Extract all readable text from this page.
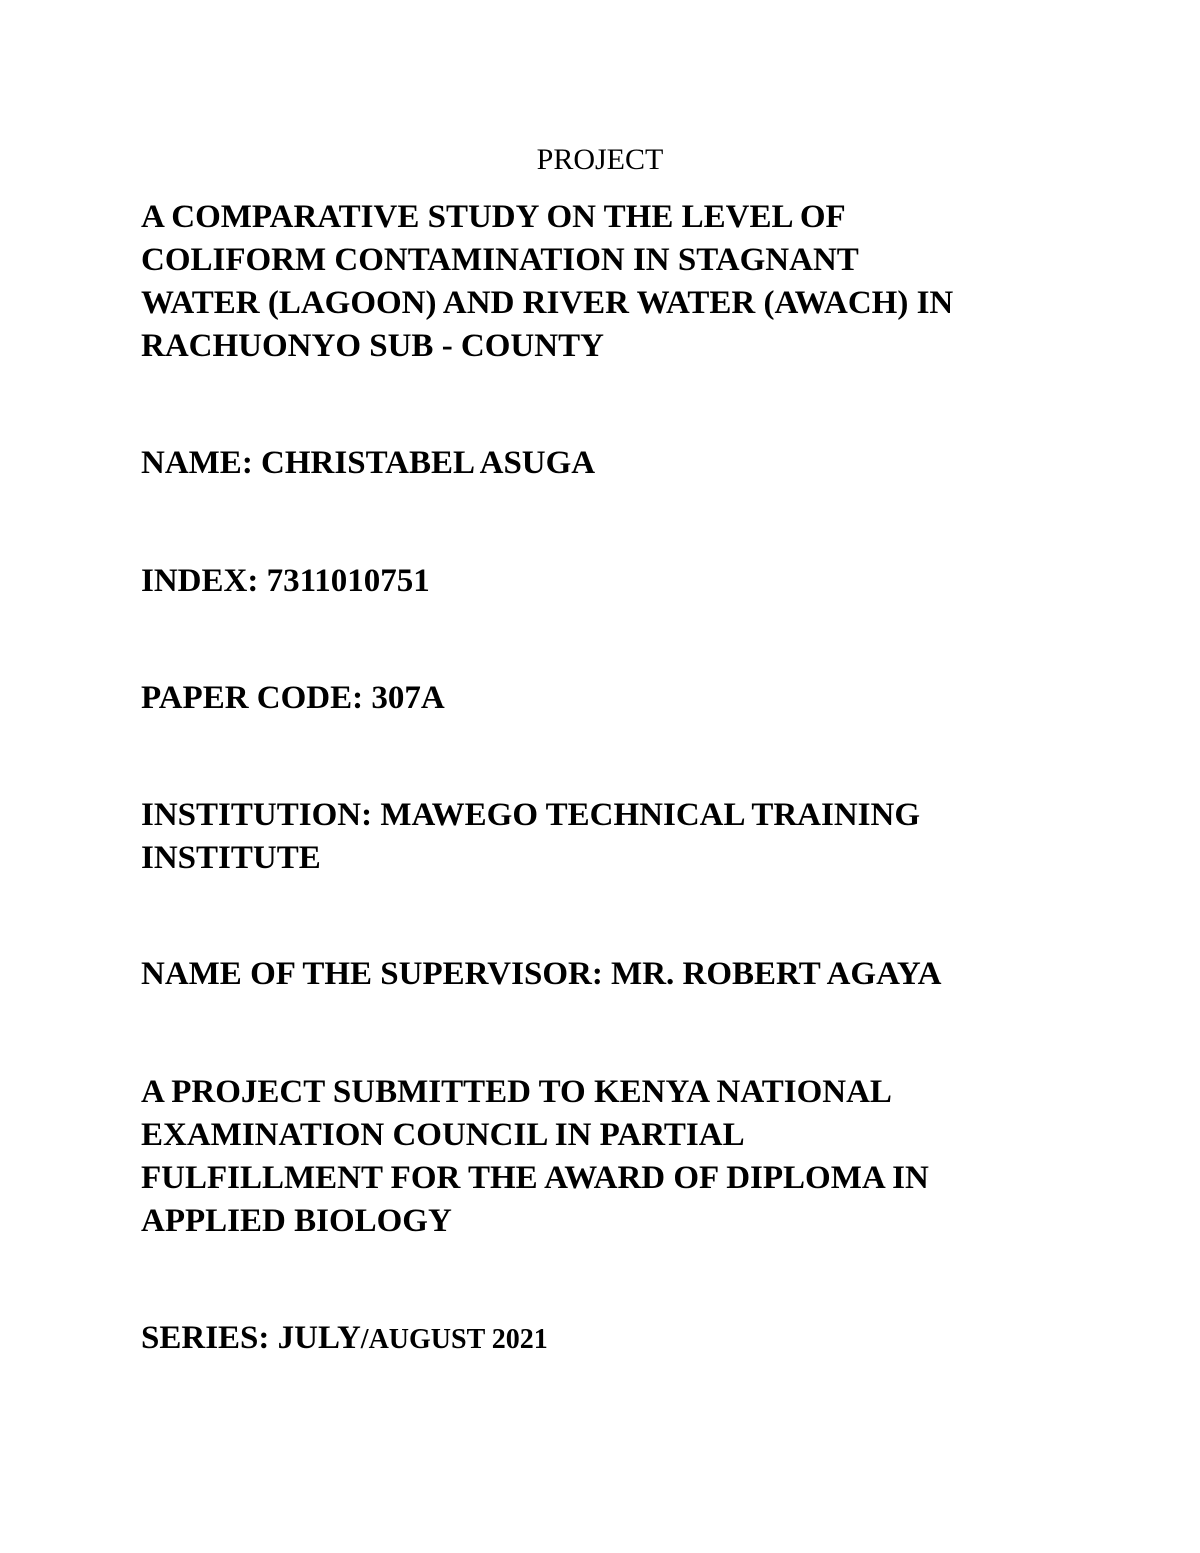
PROJECT
A COMPARATIVE STUDY ON THE LEVEL OF
COLIFORM CONTAMINATION IN STAGNANT
WATER (LAGOON) AND RIVER WATER (AWACH) IN
RACHUONYO SUB - COUNTY
NAME: CHRISTABEL ASUGA
INDEX: 7311010751
PAPER CODE: 307A
INSTITUTION: MAWEGO TECHNICAL TRAINING
INSTITUTE
NAME OF THE SUPERVISOR: MR. ROBERT AGAYA
A PROJECT SUBMITTED TO KENYA NATIONAL
EXAMINATION COUNCIL IN PARTIAL
FULFILLMENT FOR THE AWARD OF DIPLOMA IN
APPLIED BIOLOGY
SERIES: JULY/AUGUST 2021
